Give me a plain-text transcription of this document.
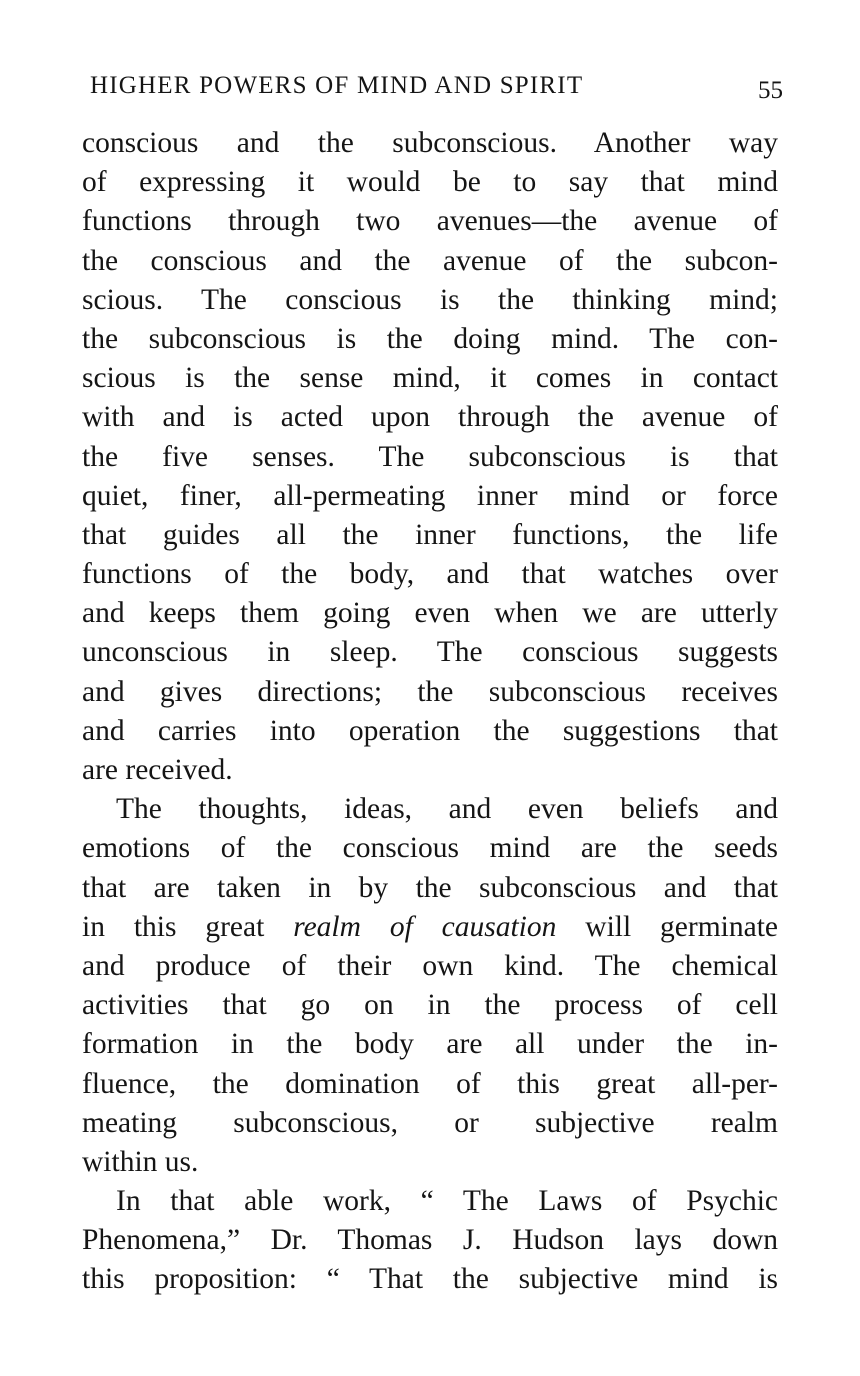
HIGHER POWERS OF MIND AND SPIRIT	55
conscious and the subconscious. Another way
of expressing it would be to say that mind
functions through two avenues—the avenue of
the conscious and the avenue of the subcon-
scious. The conscious is the thinking mind;
the subconscious is the doing mind. The con-
scious is the sense mind, it comes in contact
with and is acted upon through the avenue of
the five senses. The subconscious is that
quiet, finer, all-permeating inner mind or force
that guides all the inner functions, the life
functions of the body, and that watches over
and keeps them going even when we are utterly
unconscious in sleep. The conscious suggests
and gives directions; the subconscious receives
and carries into operation the suggestions that
are received.
The thoughts, ideas, and even beliefs and
emotions of the conscious mind are the seeds
that are taken in by the subconscious and that
in this great realm of causation will germinate
and produce of their own kind. The chemical
activities that go on in the process of cell
formation in the body are all under the in-
fluence, the domination of this great all-per-
meating subconscious, or subjective realm
within us.
In that able work, “ The Laws of Psychic
Phenomena,” Dr. Thomas J. Hudson lays down
this proposition: “ That the subjective mind is
